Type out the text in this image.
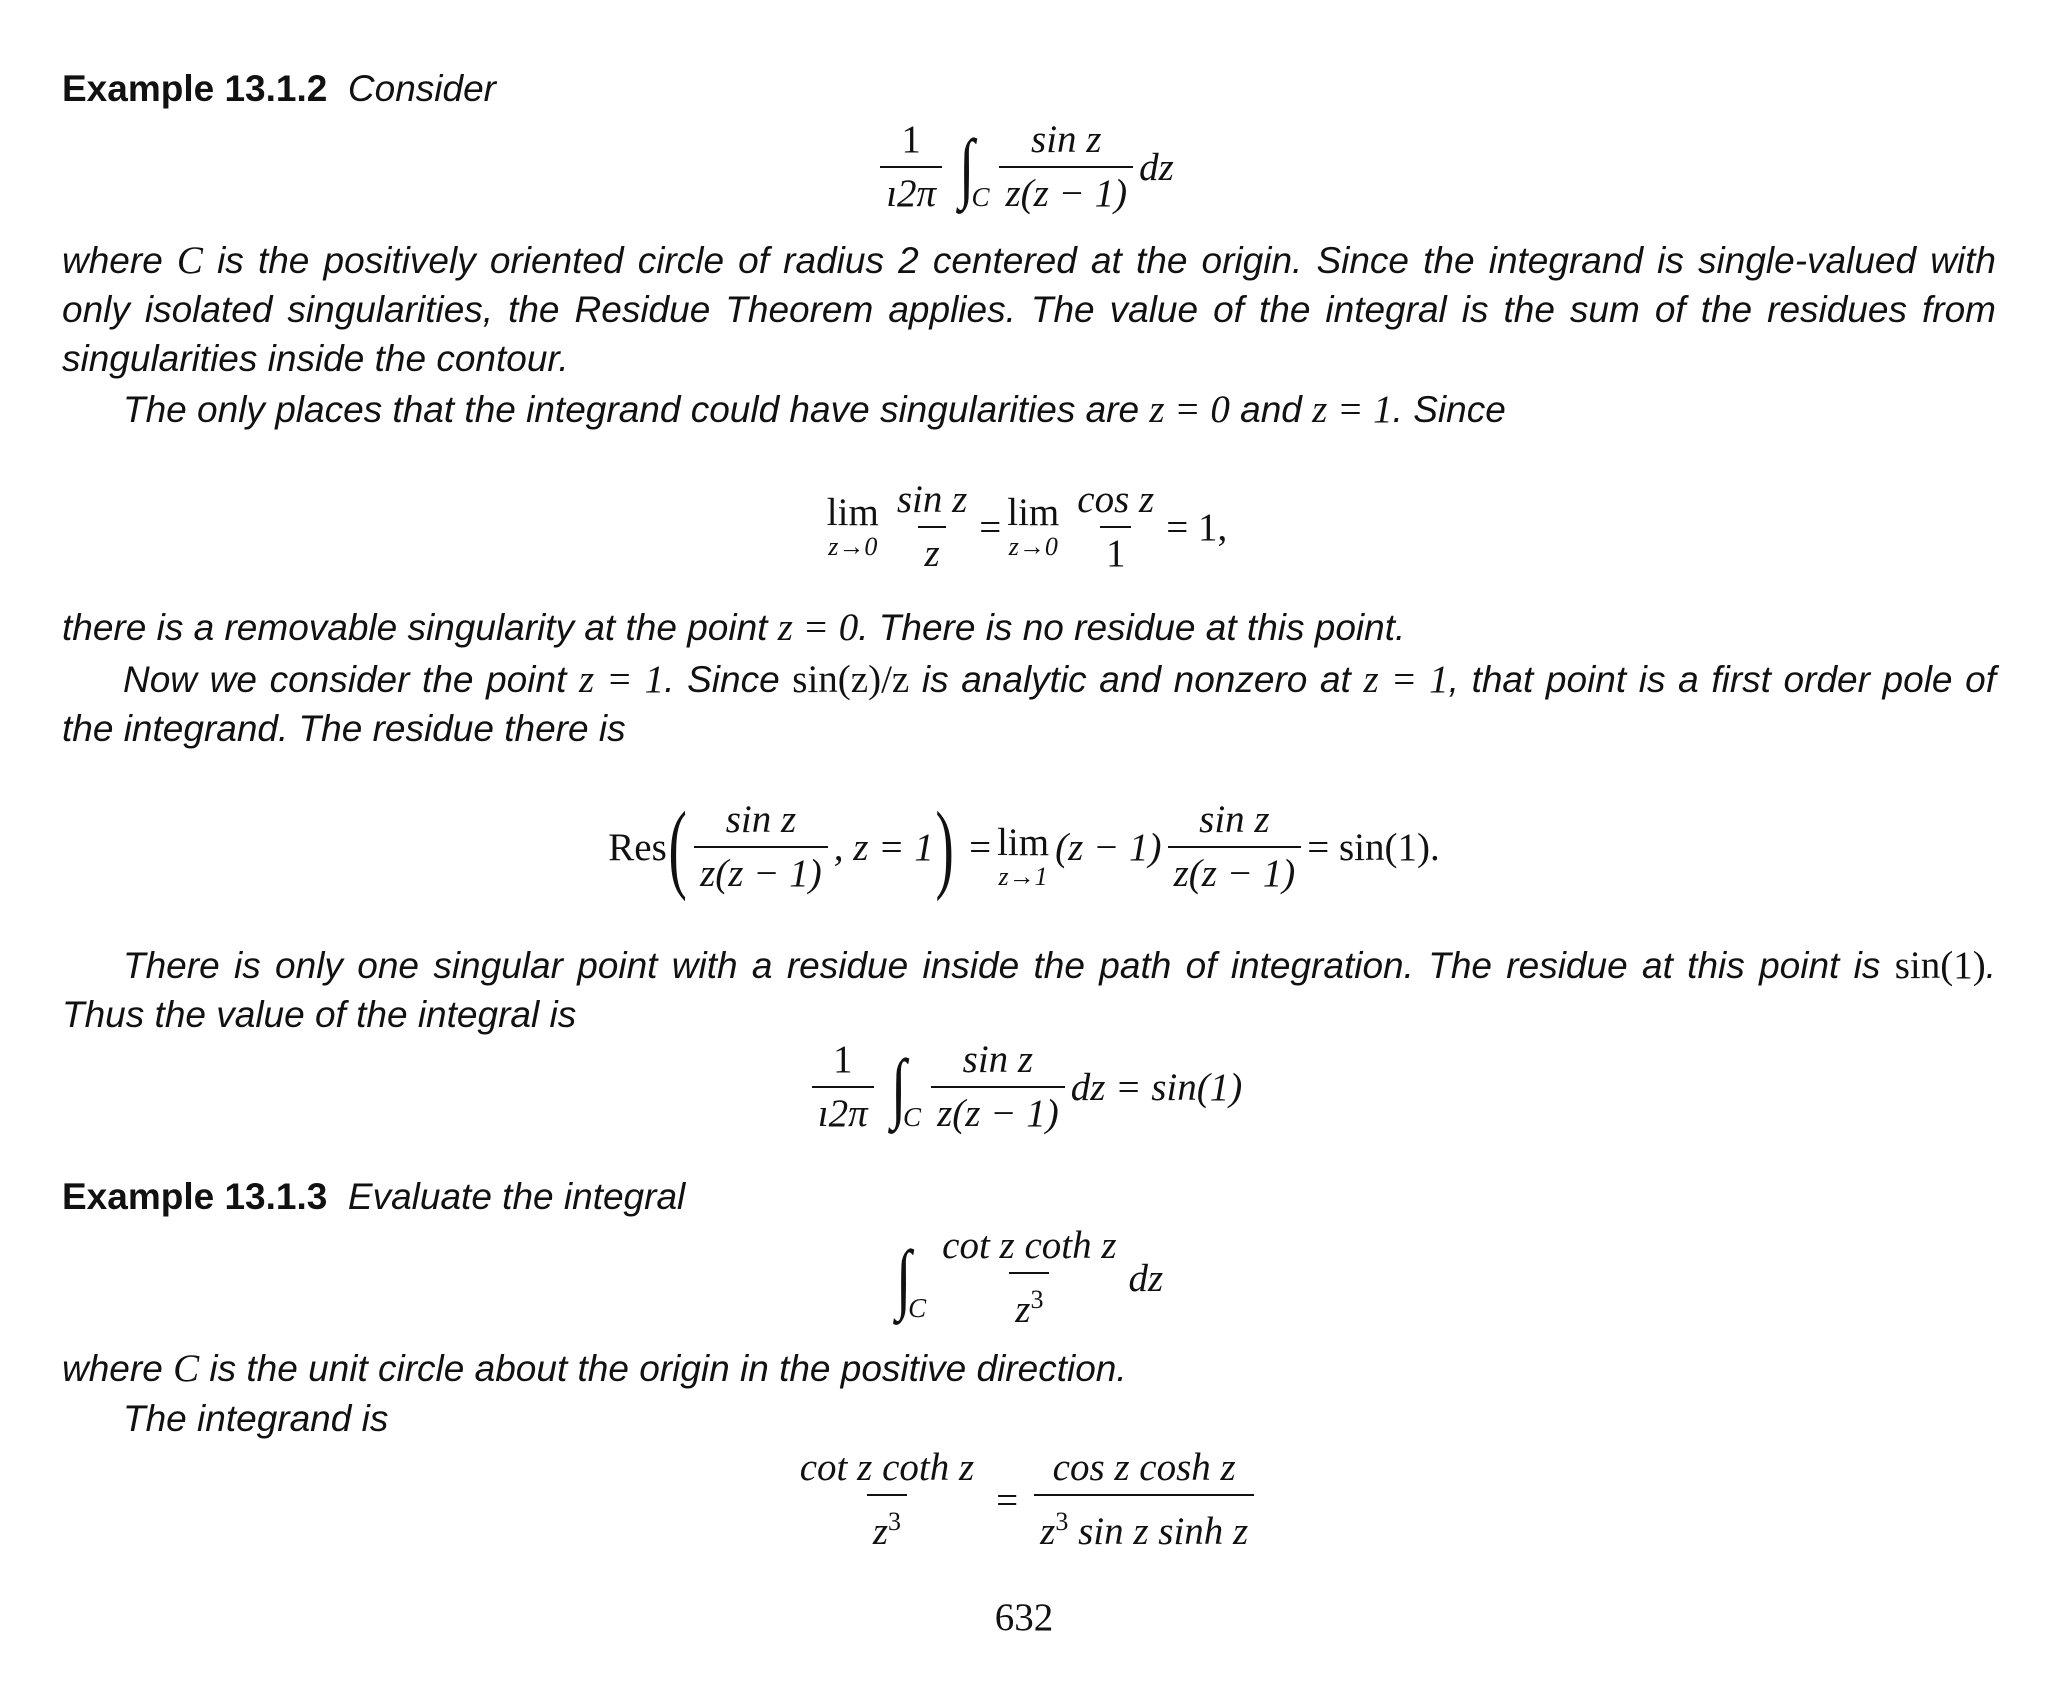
Example 13.1.2 Consider
$\frac{1}{ı2\pi}$ ∫
C $\frac{\text{sin z}}{z(z - 1)}$ dz
where C is the positively oriented circle of radius 2 centered at the origin. Since the integrand is single-valued with only isolated singularities, the Residue Theorem applies. The value of the integral is the sum of the residues from singularities inside the contour.
The only places that the integrand could have singularities are z = 0 and z = 1. Since
lim
$z\to 0 \frac{\text{sin z}}{z} = \lim$
$z\to 0 \frac{\text{cos z}}{1} = 1$,
there is a removable singularity at the point z = 0. There is no residue at this point.
Now we consider the point z = 1. Since sin(z)/z is analytic and nonzero at z = 1, that point is a first order pole of the integrand. The residue there is
Res ( $\frac{\text{sin z}}{z(z - 1)}$ , z = 1 ) = lim
z→1
$(z - 1) \frac{\text{sin z}}{z(z - 1)} = \sin(1)$.
There is only one singular point with a residue inside the path of integration. The residue at this point is sin(1). Thus the value of the integral is
$\frac{1}{ı2\pi}$ ∫
C $\frac{\text{sin z}}{z(z - 1)}$ dz = sin(1)
Example 13.1.3 Evaluate the integral
∫
C $\frac{\text{cot z coth z}}{z^3}$ dz
where C is the unit circle about the origin in the positive direction.
The integrand is
$\frac{\text{cot z coth z}}{z^3} = \frac{\text{cos z cosh z}}{z^3 \sin z \sinh z}$
632
